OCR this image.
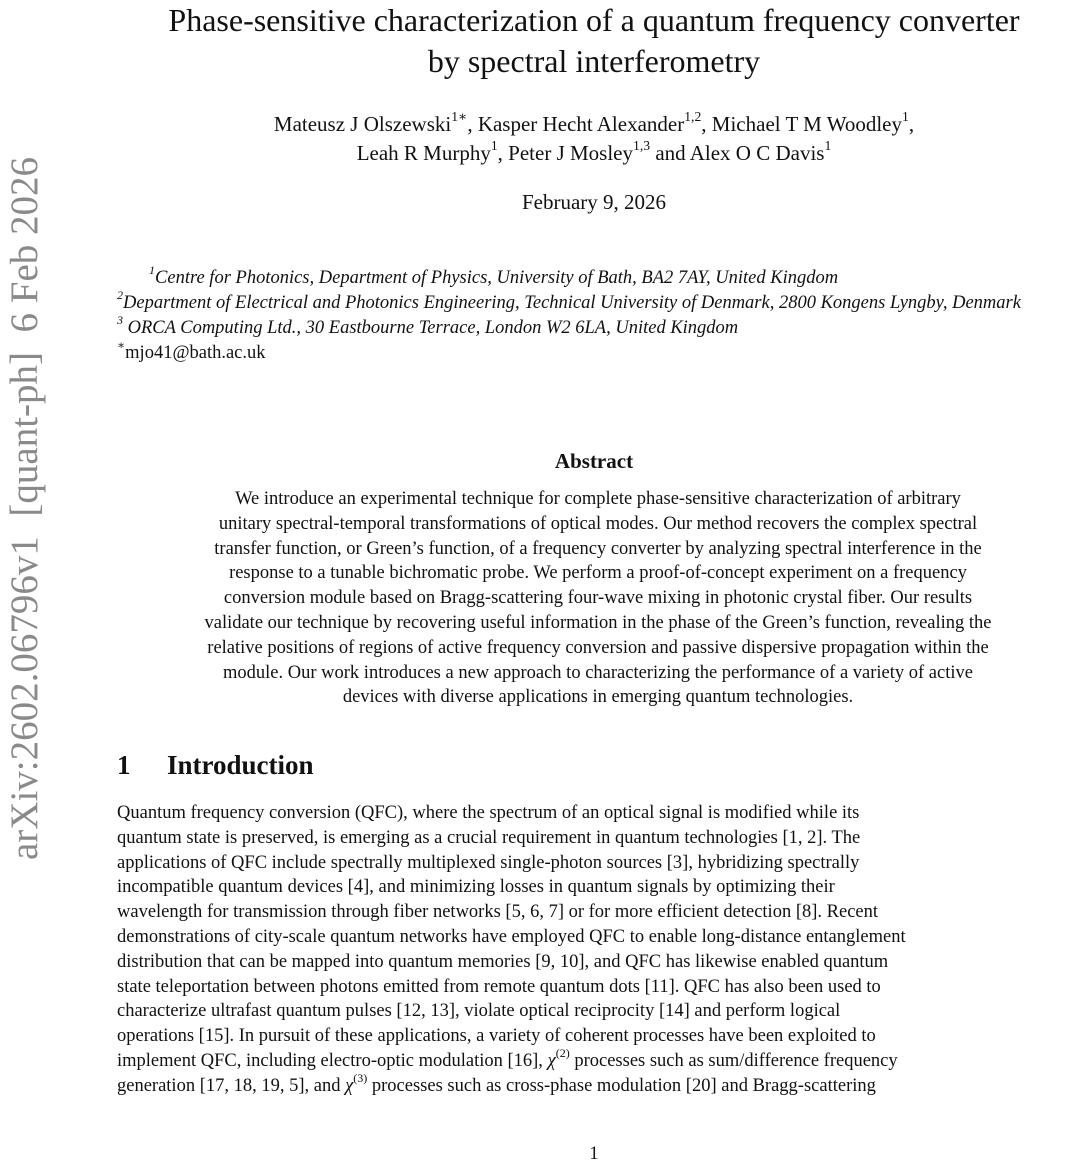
arXiv:2602.06796v1  [quant-ph]  6 Feb 2026
Phase-sensitive characterization of a quantum frequency converter
by spectral interferometry
Mateusz J Olszewski$^{1∗}$, Kasper Hecht Alexander$^{1,2}$, Michael T M Woodley$^1$,
Leah R Murphy$^1$, Peter J Mosley$^{1,3}$ and Alex O C Davis$^1$
February 9, 2026
$^1$Centre for Photonics, Department of Physics, University of Bath, BA2 7AY, United Kingdom
$^2$Department of Electrical and Photonics Engineering, Technical University of Denmark, 2800 Kongens Lyngby, Denmark
$^3$ ORCA Computing Ltd., 30 Eastbourne Terrace, London W2 6LA, United Kingdom
∗mjo41@bath.ac.uk
Abstract
We introduce an experimental technique for complete phase-sensitive characterization of arbitrary
unitary spectral-temporal transformations of optical modes. Our method recovers the complex spectral
transfer function, or Green’s function, of a frequency converter by analyzing spectral interference in the
response to a tunable bichromatic probe. We perform a proof-of-concept experiment on a frequency
conversion module based on Bragg-scattering four-wave mixing in photonic crystal fiber. Our results
validate our technique by recovering useful information in the phase of the Green’s function, revealing the
relative positions of regions of active frequency conversion and passive dispersive propagation within the
module. Our work introduces a new approach to characterizing the performance of a variety of active
devices with diverse applications in emerging quantum technologies.
1 Introduction
Quantum frequency conversion (QFC), where the spectrum of an optical signal is modified while its
quantum state is preserved, is emerging as a crucial requirement in quantum technologies [1, 2]. The
applications of QFC include spectrally multiplexed single-photon sources [3], hybridizing spectrally
incompatible quantum devices [4], and minimizing losses in quantum signals by optimizing their
wavelength for transmission through fiber networks [5, 6, 7] or for more efficient detection [8]. Recent
demonstrations of city-scale quantum networks have employed QFC to enable long-distance entanglement
distribution that can be mapped into quantum memories [9, 10], and QFC has likewise enabled quantum
state teleportation between photons emitted from remote quantum dots [11]. QFC has also been used to
characterize ultrafast quantum pulses [12, 13], violate optical reciprocity [14] and perform logical
operations [15]. In pursuit of these applications, a variety of coherent processes have been exploited to
implement QFC, including electro-optic modulation [16], $\chi^{(2)}$ processes such as sum/difference frequency
generation [17, 18, 19, 5], and $\chi^{(3)}$ processes such as cross-phase modulation [20] and Bragg-scattering
1
